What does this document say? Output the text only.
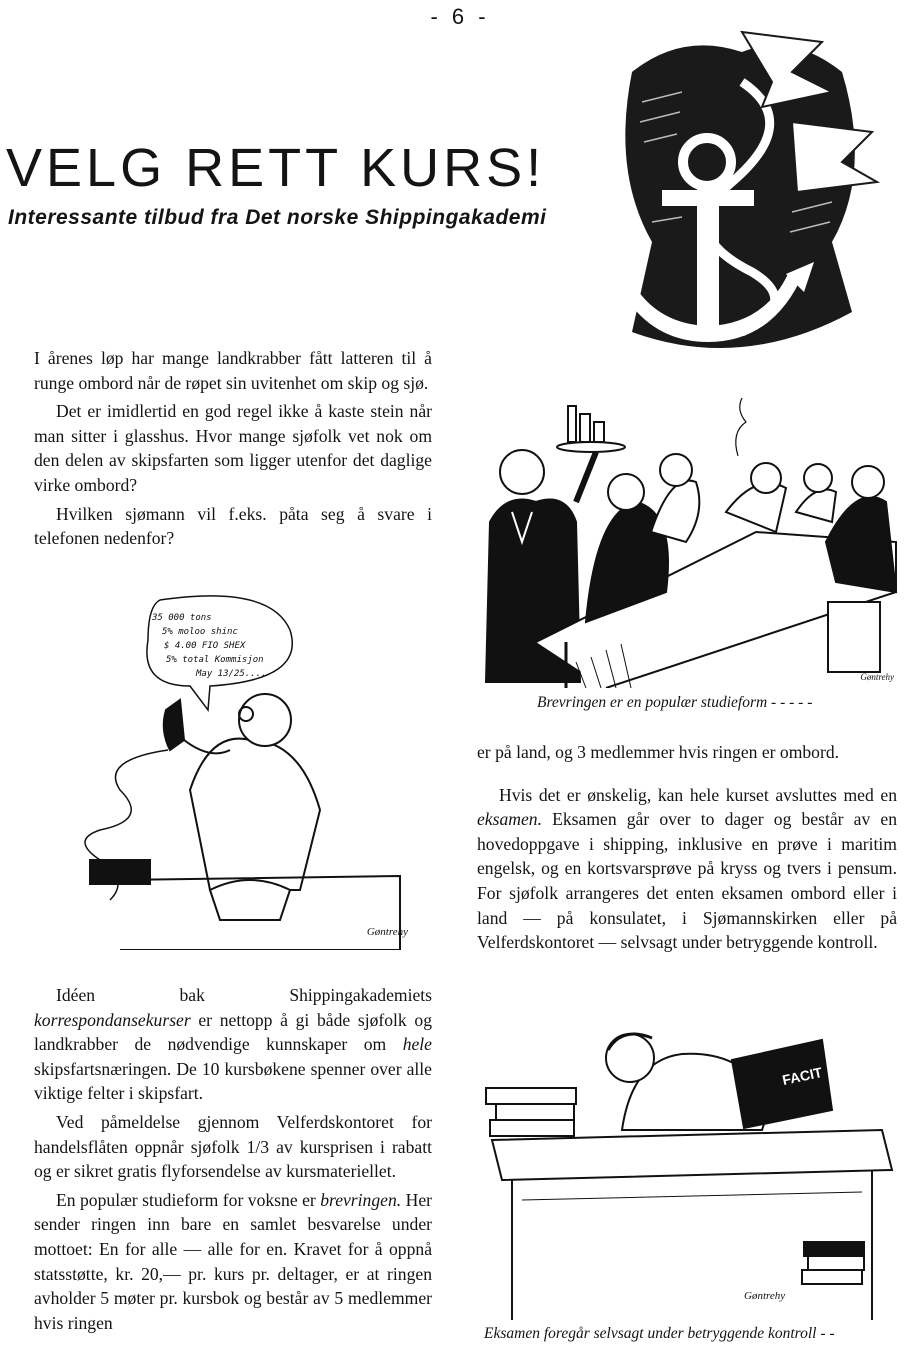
- 6 -
VELG RETT KURS!
Interessante tilbud fra Det norske Shippingakademi

I årenes løp har mange landkrabber fått latteren til å runge ombord når de røpet sin uvitenhet om skip og sjø.

Det er imidlertid en god regel ikke å kaste stein når man sitter i glasshus. Hvor mange sjøfolk vet nok om den delen av skipsfarten som ligger utenfor det daglige virke ombord?

Hvilken sjømann vil f.eks. påta seg å svare i telefonen nedenfor?

Gøntrehy
Brevringen er en populær studieform - - - - -
35 000 tons
5% moloo shinc
$ 4.00 FIO SHEX
5% total Kommisjon
May 13/25....
Gøntrehy

Idéen bak Shippingakademiets korrespondansekurser er nettopp å gi både sjøfolk og landkrabber de nødvendige kunnskaper om hele skipsfartsnæringen. De 10 kursbøkene spenner over alle viktige felter i skipsfart.

Ved påmeldelse gjennom Velferdskontoret for handelsflåten oppnår sjøfolk 1/3 av kursprisen i rabatt og er sikret gratis flyforsendelse av kursmateriellet.

En populær studieform for voksne er brevringen. Her sender ringen inn bare en samlet besvarelse under mottoet: En for alle — alle for en. Kravet for å oppnå statsstøtte, kr. 20,— pr. kurs pr. deltager, er at ringen avholder 5 møter pr. kursbok og består av 5 medlemmer hvis ringen

er på land, og 3 medlemmer hvis ringen er ombord.

Hvis det er ønskelig, kan hele kurset avsluttes med en eksamen. Eksamen går over to dager og består av en hovedoppgave i shipping, inklusive en prøve i maritim engelsk, og en kortsvarsprøve på kryss og tvers i pensum. For sjøfolk arrangeres det enten eksamen ombord eller i land — på konsulatet, i Sjømannskirken eller på Velferdskontoret — selvsagt under betryggende kontroll.

FACIT
Gøntrehy
Eksamen foregår selvsagt under betryggende kontroll - -
